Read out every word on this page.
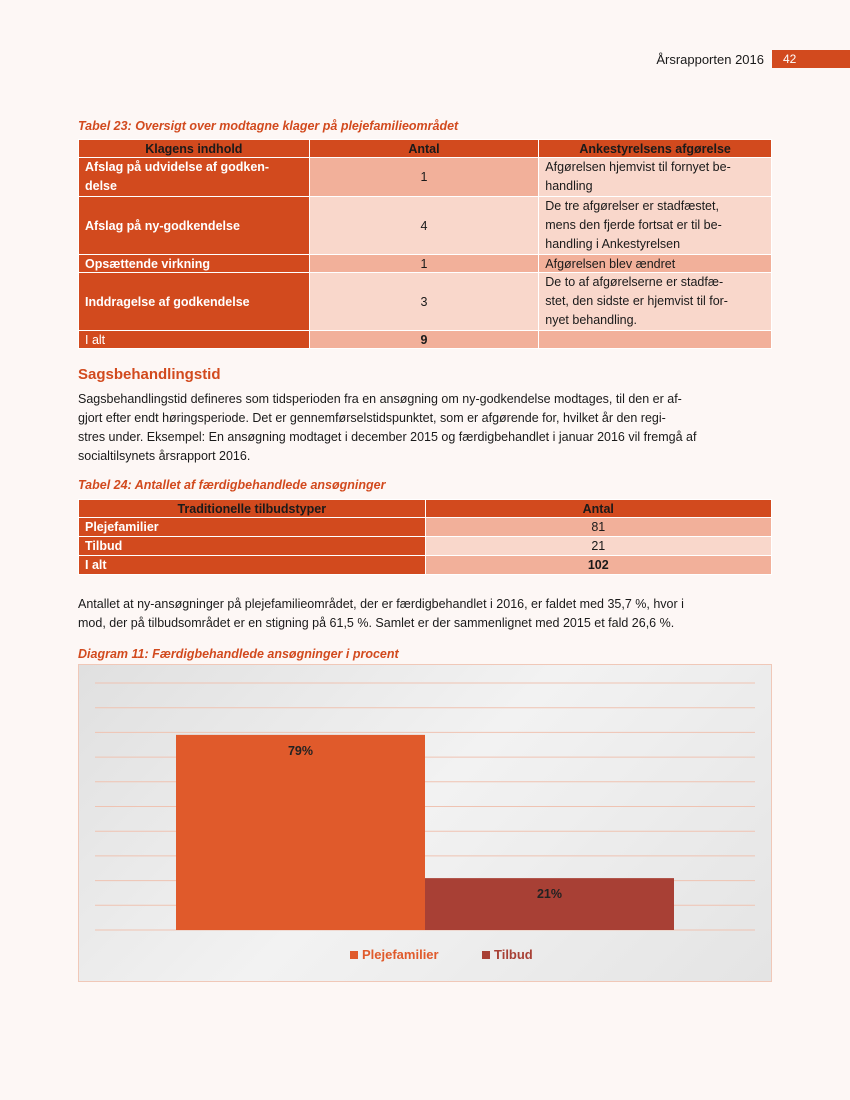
Årsrapporten 2016	42
Tabel 23: Oversigt over modtagne klager på plejefamilieområdet
Klagens indhold	Antal	Ankestyrelsens afgørelse
Afslag på udvidelse af godken-
delse	1	Afgørelsen hjemvist til fornyet be-
handling
Afslag på ny-godkendelse	4	De tre afgørelser er stadfæstet,
mens den fjerde fortsat er til be-
handling i Ankestyrelsen
Opsættende virkning	1	Afgørelsen blev ændret
Inddragelse af godkendelse	3	De to af afgørelserne er stadfæ-
stet, den sidste er hjemvist til for-
nyet behandling.
I alt	9	
Sagsbehandlingstid
Sagsbehandlingstid defineres som tidsperioden fra en ansøgning om ny-godkendelse modtages, til den er af-
gjort efter endt høringsperiode. Det er gennemførselstidspunktet, som er afgørende for, hvilket år den regi-
stres under. Eksempel: En ansøgning modtaget i december 2015 og færdigbehandlet i januar 2016 vil fremgå af
socialtilsynets årsrapport 2016.
Tabel 24: Antallet af færdigbehandlede ansøgninger
Traditionelle tilbudstyper	Antal
Plejefamilier	81
Tilbud	21
I alt	102
Antallet at ny-ansøgninger på plejefamilieområdet, der er færdigbehandlet i 2016, er faldet med 35,7 %, hvor i
mod, der på tilbudsområdet er en stigning på 61,5 %. Samlet er der sammenlignet med 2015 et fald 26,6 %.
Diagram 11: Færdigbehandlede ansøgninger i procent
79%
21%
Plejefamilier	Tilbud
